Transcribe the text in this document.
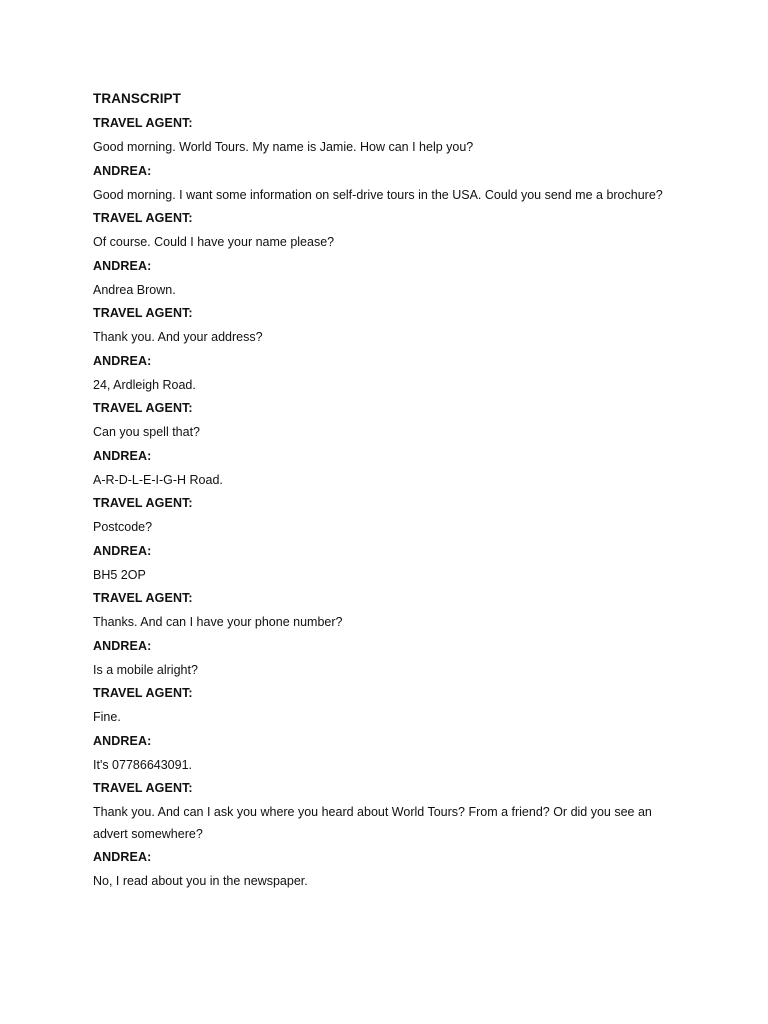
TRANSCRIPT
TRAVEL AGENT:
Good morning. World Tours. My name is Jamie. How can I help you?
ANDREA:
Good morning. I want some information on self-drive tours in the USA. Could you send me a brochure?
TRAVEL AGENT:
Of course. Could I have your name please?
ANDREA:
Andrea Brown.
TRAVEL AGENT:
Thank you. And your address?
ANDREA:
24, Ardleigh Road.
TRAVEL AGENT:
Can you spell that?
ANDREA:
A-R-D-L-E-I-G-H Road.
TRAVEL AGENT:
Postcode?
ANDREA:
BH5 2OP
TRAVEL AGENT:
Thanks. And can I have your phone number?
ANDREA:
Is a mobile alright?
TRAVEL AGENT:
Fine.
ANDREA:
It's 07786643091.
TRAVEL AGENT:
Thank you. And can I ask you where you heard about World Tours? From a friend? Or did you see an advert somewhere?
ANDREA:
No, I read about you in the newspaper.
